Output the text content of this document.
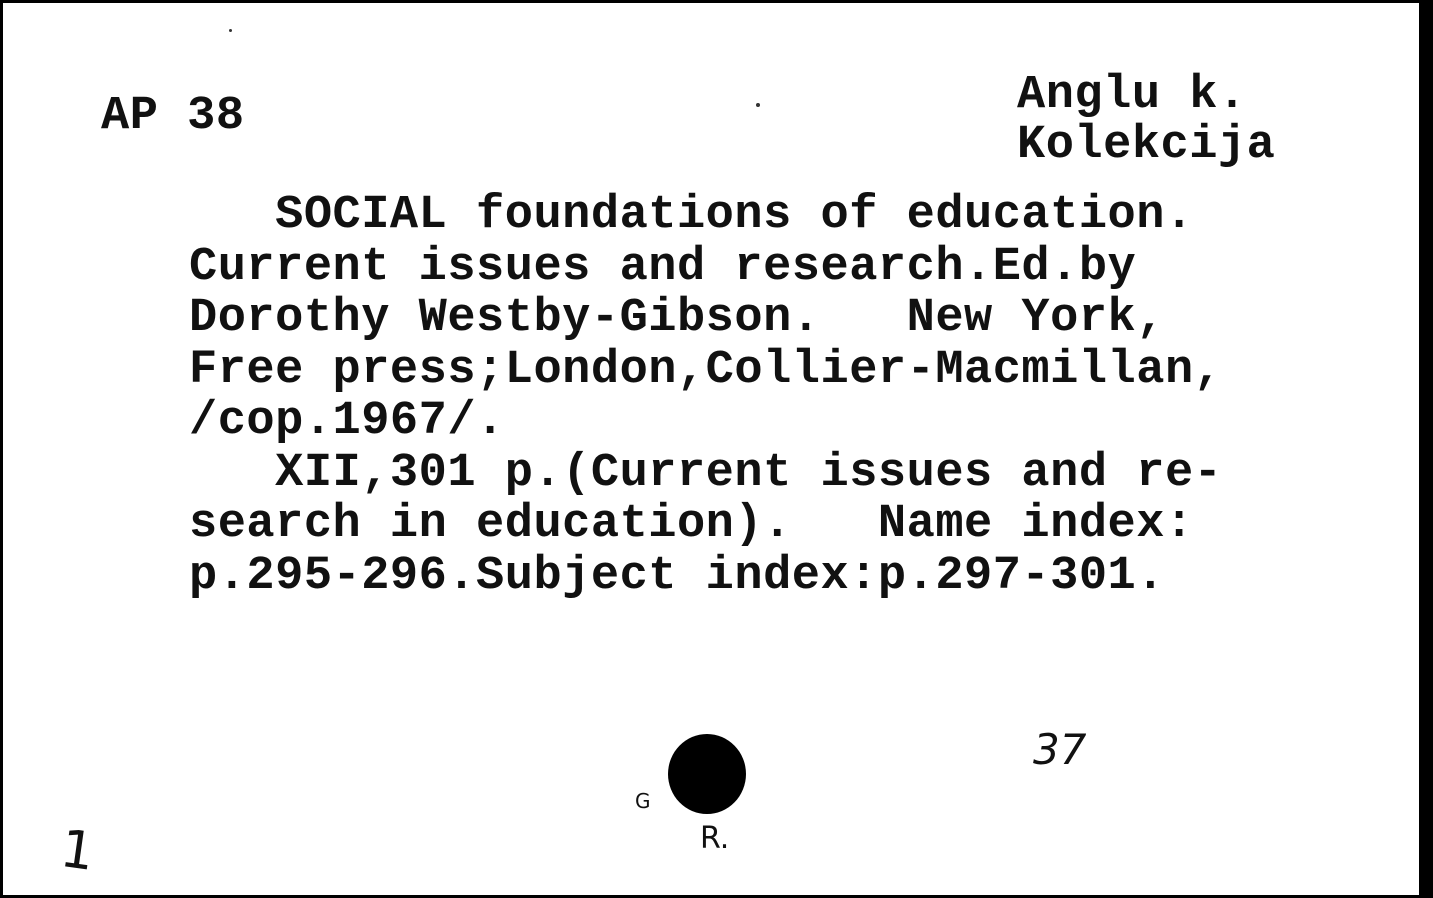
AP 38	Anglu k.
Kolekcija
SOCIAL foundations of education.
Current issues and research.Ed.by
Dorothy Westby-Gibson.   New York,
Free press;London,Collier-Macmillan,
/cop.1967/.
XII,301 p.(Current issues and re-
search in education).   Name index:
p.295-296.Subject index:p.297-301.
37
1
G
R.
